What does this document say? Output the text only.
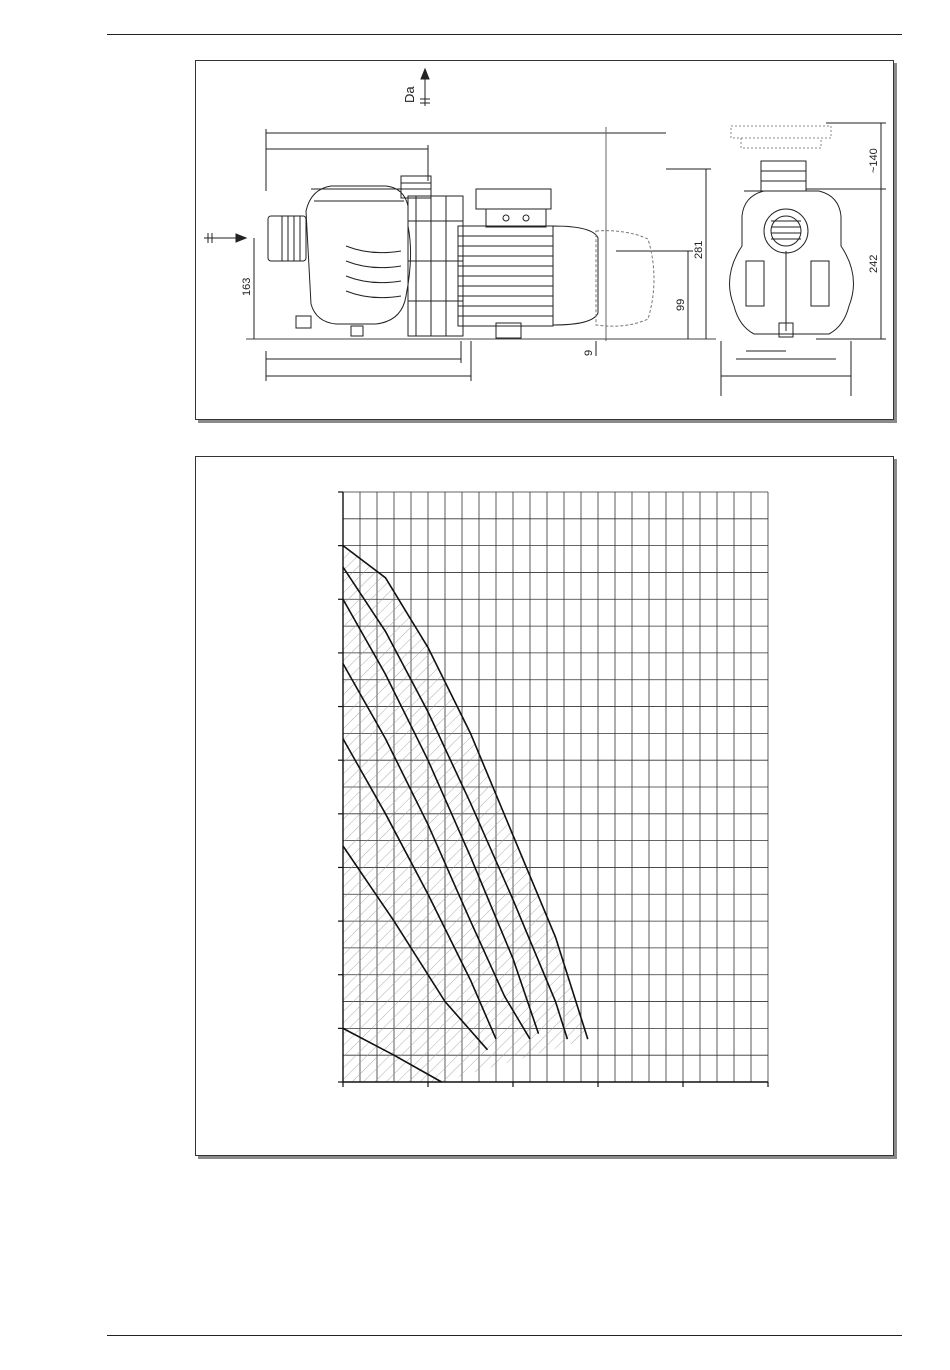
Da
163
9
99
281
242
~140
